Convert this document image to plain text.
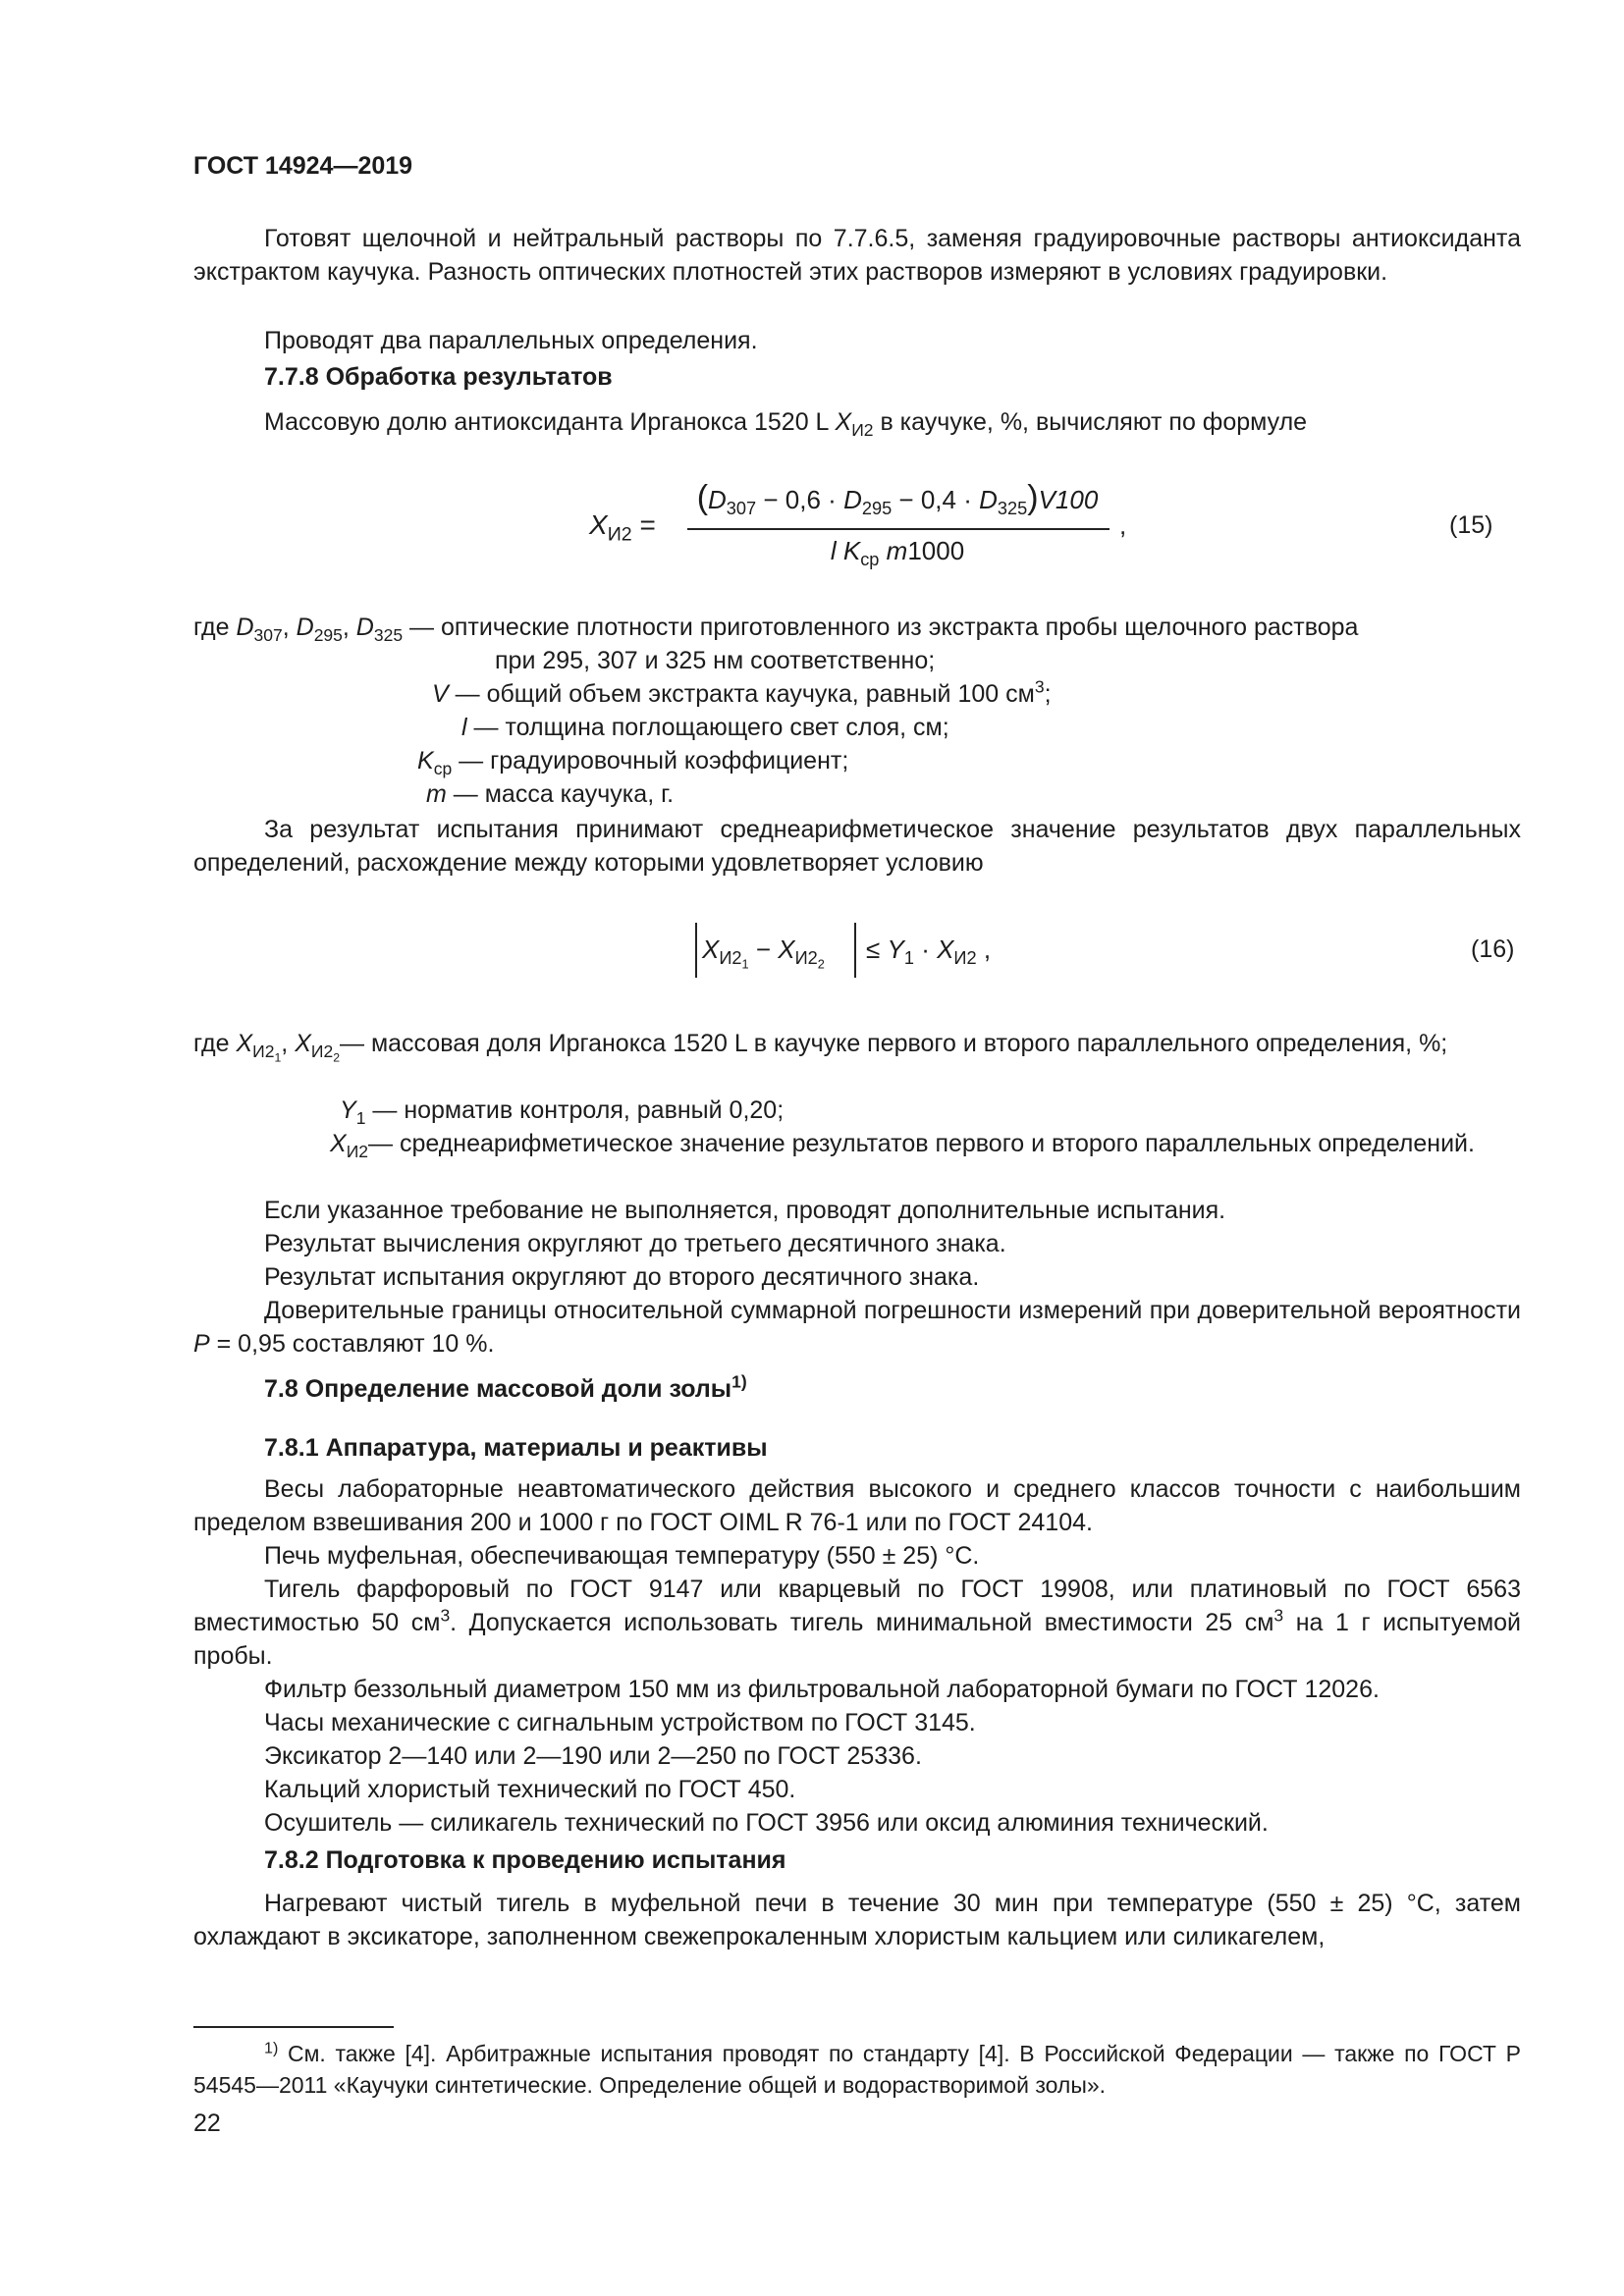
ГОСТ 14924—2019
Готовят щелочной и нейтральный растворы по 7.7.6.5, заменяя градуировочные растворы антиоксиданта экстрактом каучука. Разность оптических плотностей этих растворов измеряют в условиях градуировки.
Проводят два параллельных определения.
7.7.8 Обработка результатов
Массовую долю антиоксиданта Ирганокса 1520 L $X_{И2}$ в каучуке, %, вычисляют по формуле
$X_{И2}$ =
$(D_{307} - 0,6 \cdot D_{295} - 0,4 \cdot D_{325})V100$
l $K_{ср}$ m1000
,	(15)
где $D_{307}$, $D_{295}$, $D_{325}$ — оптические плотности приготовленного из экстракта пробы щелочного раствора
при 295, 307 и 325 нм соответственно;
V — общий объем экстракта каучука, равный 100 $см^3$;
l — толщина поглощающего свет слоя, см;
$K_{ср}$ — градуировочный коэффициент;
m — масса каучука, г.
За результат испытания принимают среднеарифметическое значение результатов двух параллельных определений, расхождение между которыми удовлетворяет условию
$X_{И2_1} - X_{И2_2}$
≤ $Y_1 \cdot X_{И2}$ ,	(16)
где $X_{И2_1}$, $X_{И2_2}—$ массовая доля Ирганокса 1520 L в каучуке первого и второго параллельного определения, %;
$Y_1$ — норматив контроля, равный 0,20;
$X_{И2}—$ среднеарифметическое значение результатов первого и второго параллельных определений.
Если указанное требование не выполняется, проводят дополнительные испытания.
Результат вычисления округляют до третьего десятичного знака.
Результат испытания округляют до второго десятичного знака.
Доверительные границы относительной суммарной погрешности измерений при доверительной вероятности P = 0,95 составляют 10 %.
7.8 Определение массовой доли золы$^{1)}$
7.8.1 Аппаратура, материалы и реактивы
Весы лабораторные неавтоматического действия высокого и среднего классов точности с наибольшим пределом взвешивания 200 и 1000 г по ГОСТ OIML R 76-1 или по ГОСТ 24104.
Печь муфельная, обеспечивающая температуру (550 ± 25) °C.
Тигель фарфоровый по ГОСТ 9147 или кварцевый по ГОСТ 19908, или платиновый по ГОСТ 6563 вместимостью 50 $см^3$. Допускается использовать тигель минимальной вместимости 25 $см^3$ на 1 г испытуемой пробы.
Фильтр беззольный диаметром 150 мм из фильтровальной лабораторной бумаги по ГОСТ 12026.
Часы механические с сигнальным устройством по ГОСТ 3145.
Эксикатор 2—140 или 2—190 или 2—250 по ГОСТ 25336.
Кальций хлористый технический по ГОСТ 450.
Осушитель — силикагель технический по ГОСТ 3956 или оксид алюминия технический.
7.8.2 Подготовка к проведению испытания
Нагревают чистый тигель в муфельной печи в течение 30 мин при температуре (550 ± 25) °C, затем охлаждают в эксикаторе, заполненном свежепрокаленным хлористым кальцием или силикагелем,
$^{1)}$ См. также [4]. Арбитражные испытания проводят по стандарту [4]. В Российской Федерации — также по ГОСТ Р 54545—2011 «Каучуки синтетические. Определение общей и водорастворимой золы».
22
